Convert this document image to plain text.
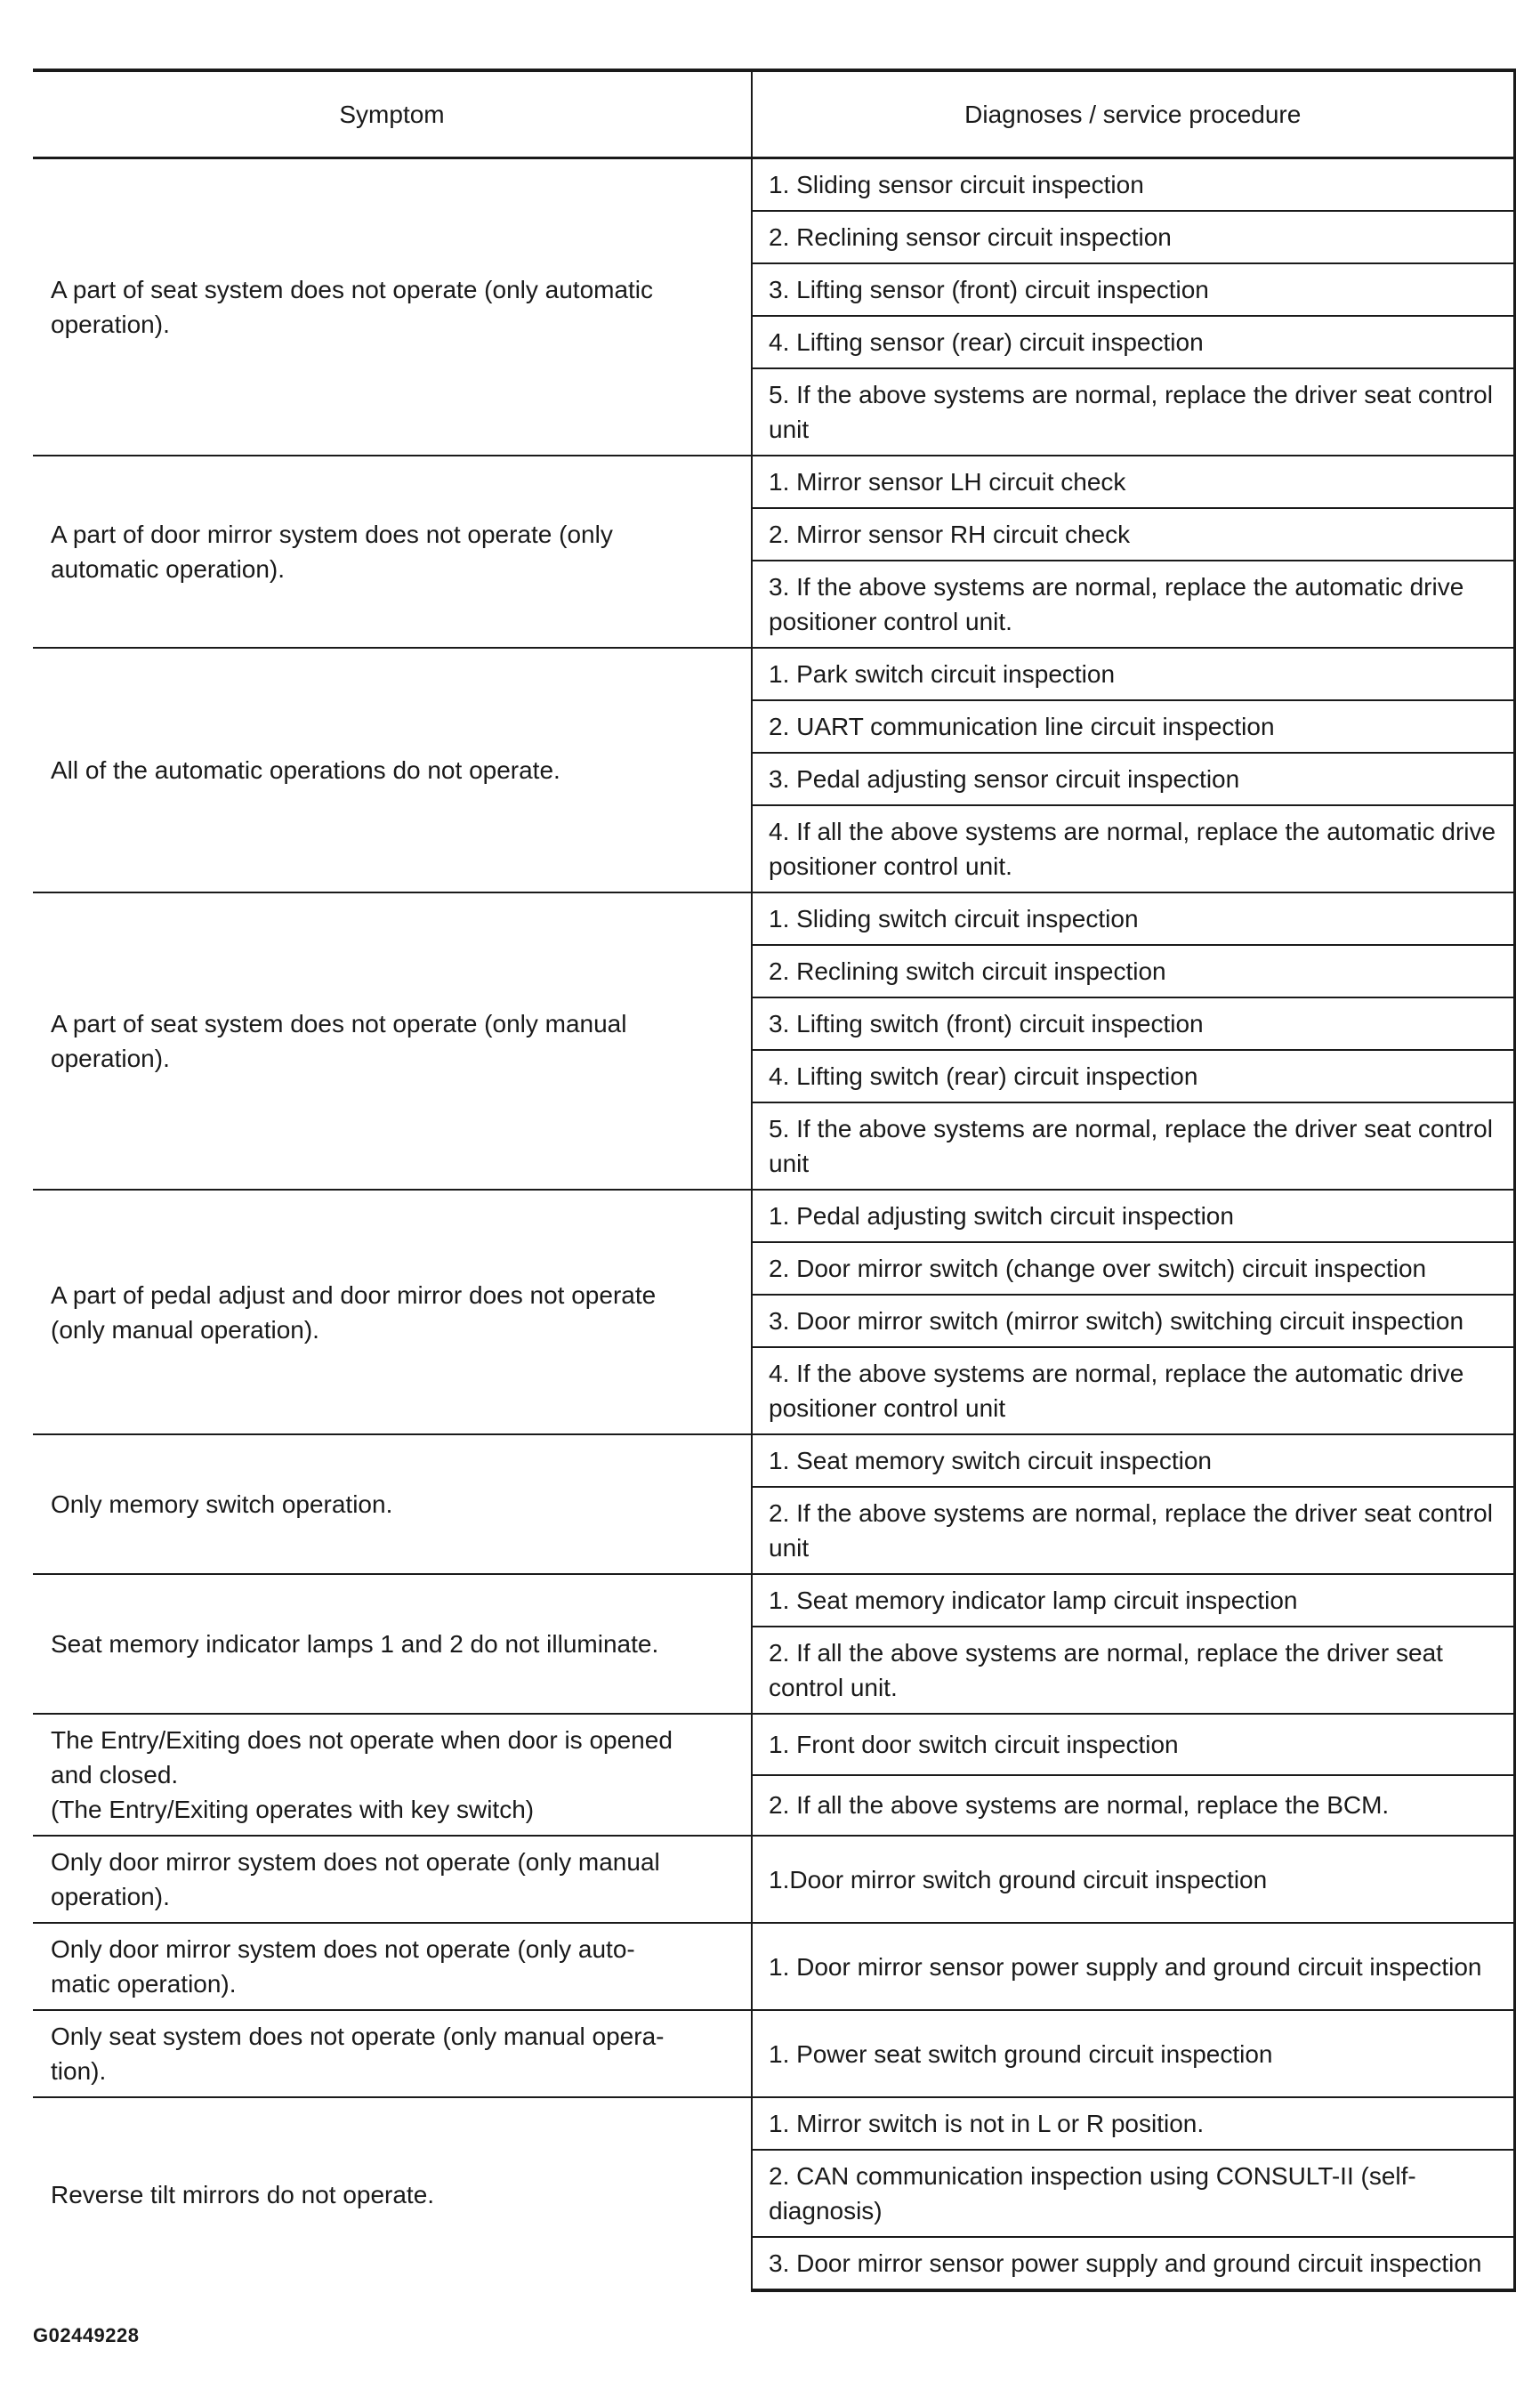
Symptom	Diagnoses / service procedure

A part of seat system does not operate (only automatic
operation).	1. Sliding sensor circuit inspection
	2. Reclining sensor circuit inspection
	3. Lifting sensor (front) circuit inspection
	4. Lifting sensor (rear) circuit inspection
	5. If the above systems are normal, replace the driver seat control unit

A part of door mirror system does not operate (only
automatic operation).	1. Mirror sensor LH circuit check
	2. Mirror sensor RH circuit check
	3. If the above systems are normal, replace the automatic drive positioner control unit.

All of the automatic operations do not operate.	1. Park switch circuit inspection
	2. UART communication line circuit inspection
	3. Pedal adjusting sensor circuit inspection
	4. If all the above systems are normal, replace the automatic drive positioner control unit.

A part of seat system does not operate (only manual
operation).	1. Sliding switch circuit inspection
	2. Reclining switch circuit inspection
	3. Lifting switch (front) circuit inspection
	4. Lifting switch (rear) circuit inspection
	5. If the above systems are normal, replace the driver seat control unit

A part of pedal adjust and door mirror does not operate
(only manual operation).	1. Pedal adjusting switch circuit inspection
	2. Door mirror switch (change over switch) circuit inspection
	3. Door mirror switch (mirror switch) switching circuit inspection
	4. If the above systems are normal, replace the automatic drive positioner control unit

Only memory switch operation.	1. Seat memory switch circuit inspection
	2. If the above systems are normal, replace the driver seat control unit

Seat memory indicator lamps 1 and 2 do not illuminate.	1. Seat memory indicator lamp circuit inspection
	2. If all the above systems are normal, replace the driver seat control unit.

The Entry/Exiting does not operate when door is opened
and closed.
(The Entry/Exiting operates with key switch)	1. Front door switch circuit inspection
	2. If all the above systems are normal, replace the BCM.

Only door mirror system does not operate (only manual
operation).	1.Door mirror switch ground circuit inspection

Only door mirror system does not operate (only auto-
matic operation).	1. Door mirror sensor power supply and ground circuit inspection

Only seat system does not operate (only manual opera-
tion).	1. Power seat switch ground circuit inspection

Reverse tilt mirrors do not operate.	1. Mirror switch is not in L or R position.
	2. CAN communication inspection using CONSULT-II (self-diagnosis)
	3. Door mirror sensor power supply and ground circuit inspection
G02449228
